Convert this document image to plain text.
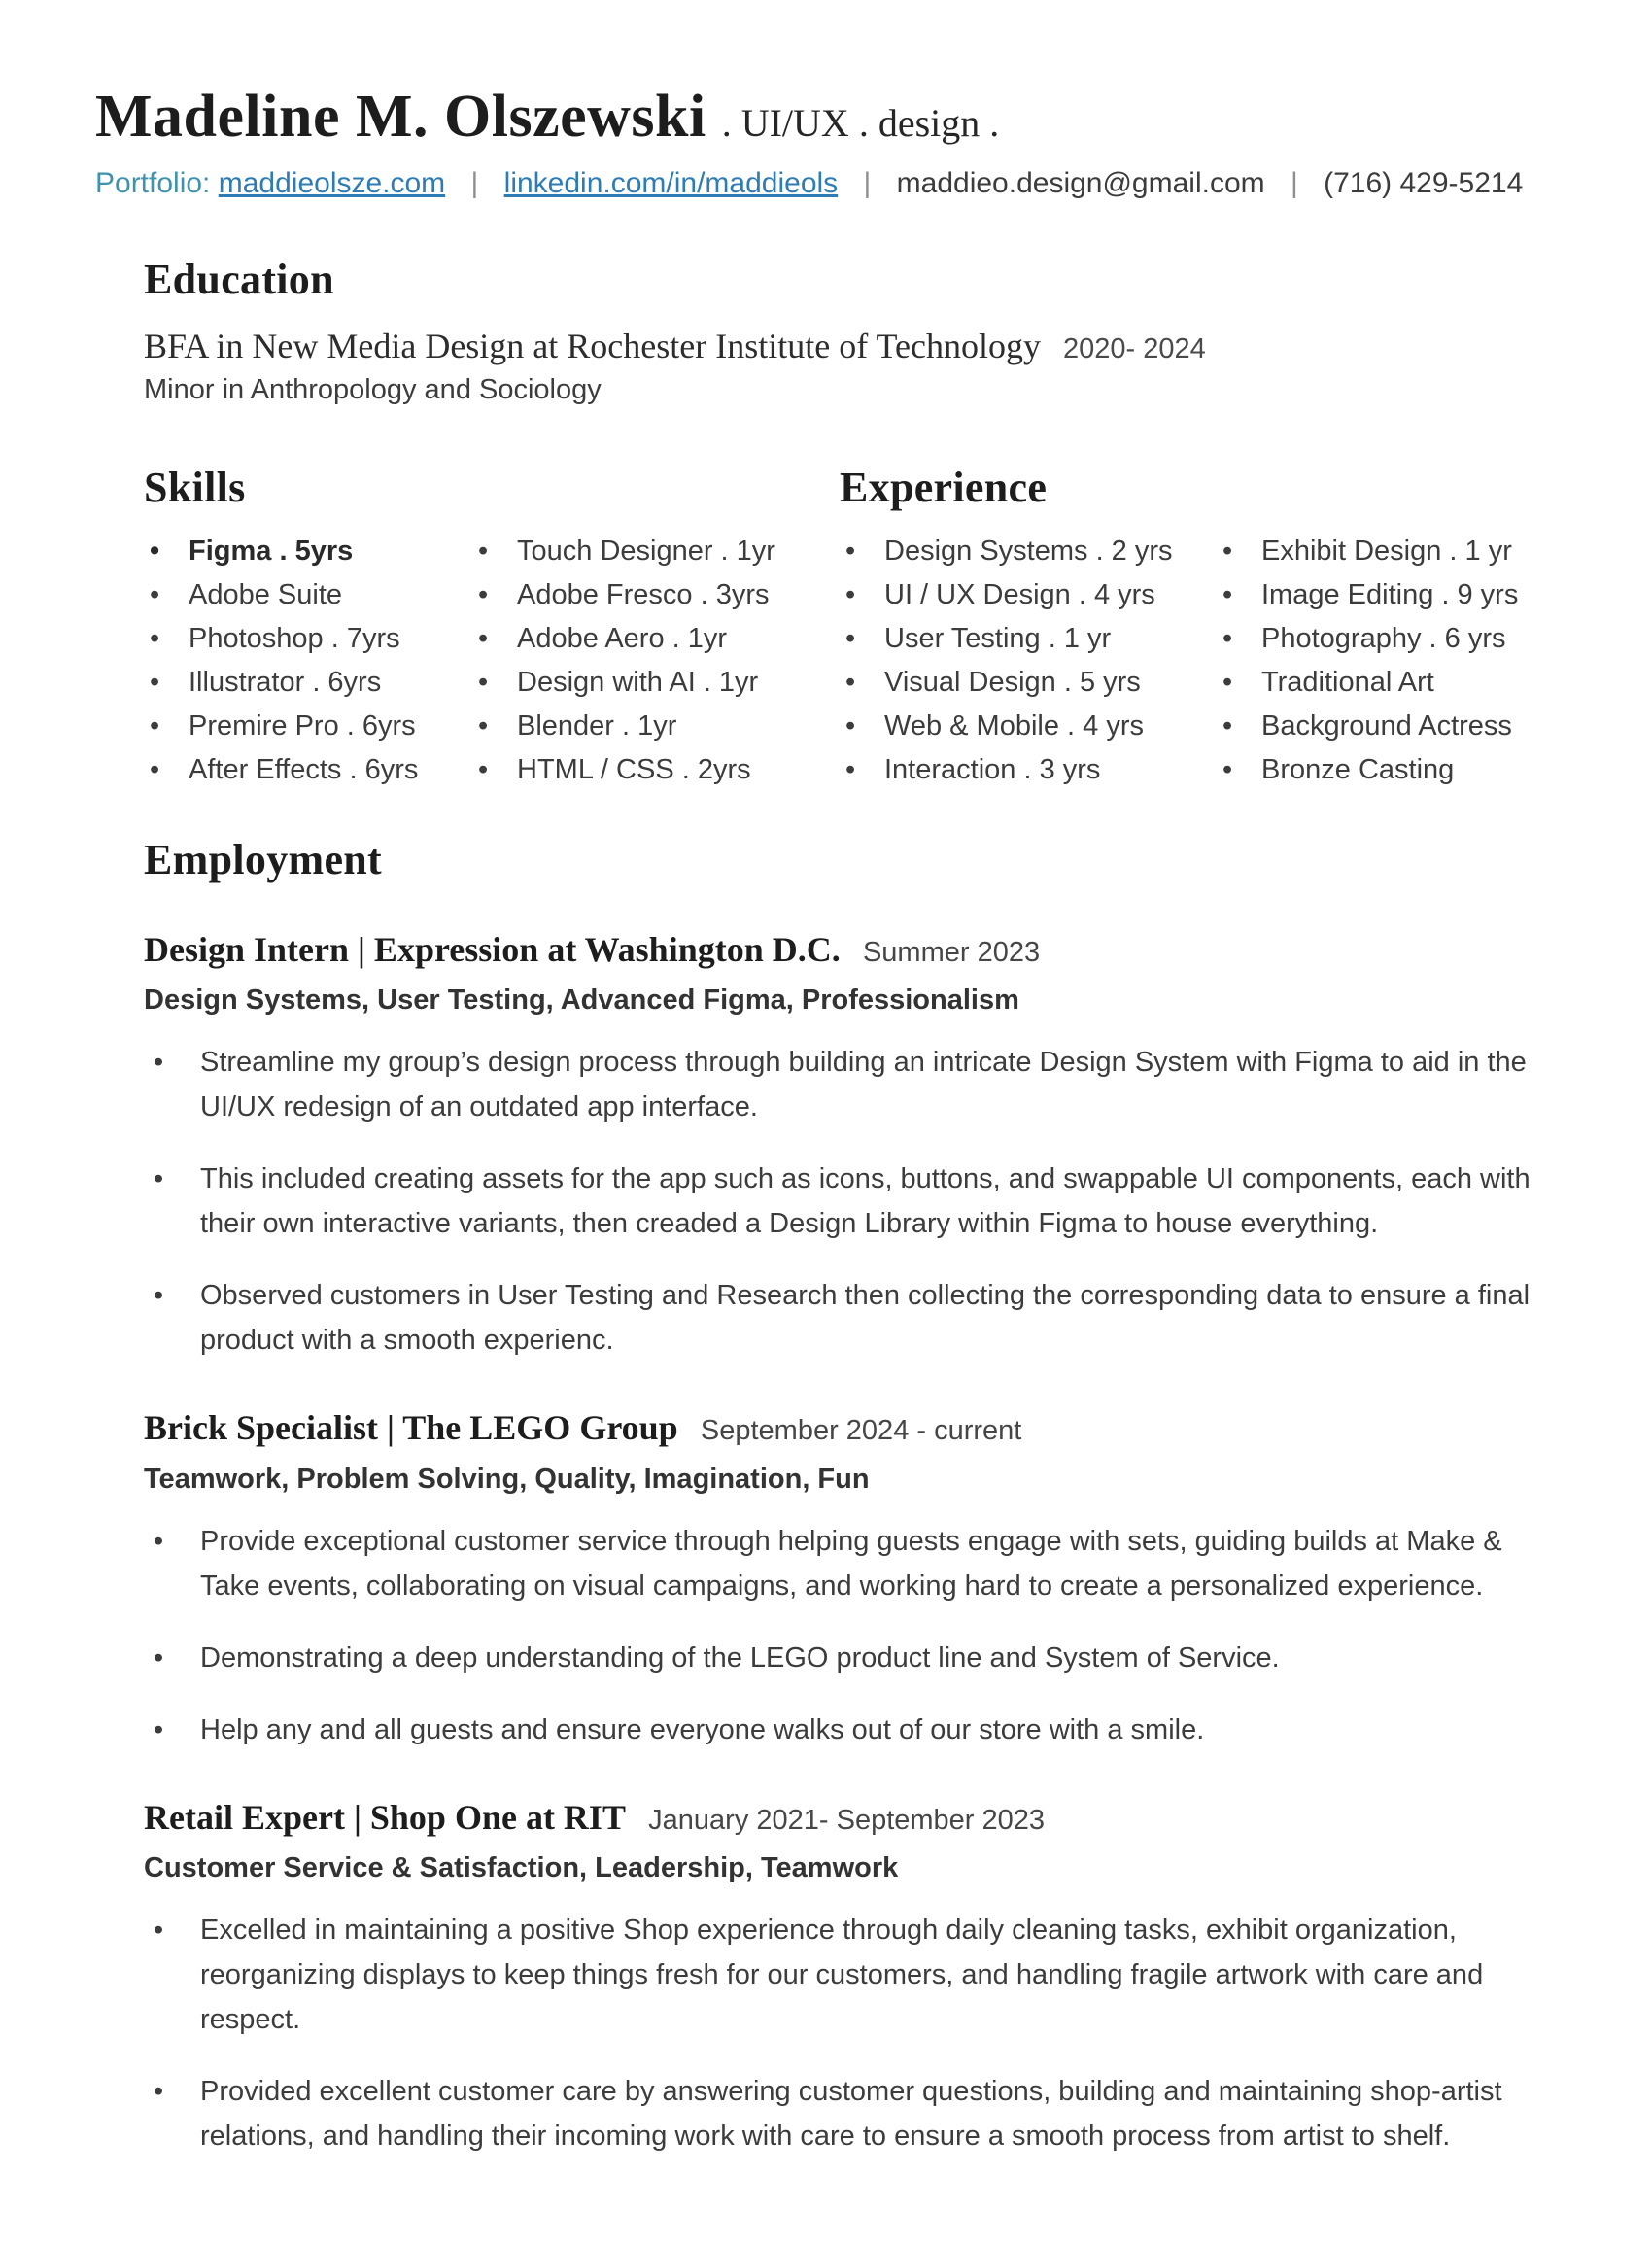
Madeline M. Olszewski . UI/UX . design .
Portfolio: maddieolsze.com | linkedin.com/in/maddieols | maddieo.design@gmail.com | (716) 429-5214
Education

BFA in New Media Design at Rochester Institute of Technology 2020- 2024

Minor in Anthropology and Sociology

Skills
• Figma . 5yrs
• Adobe Suite
• Photoshop . 7yrs
• Illustrator . 6yrs
• Premire Pro . 6yrs
• After Effects . 6yrs
• Touch Designer . 1yr
• Adobe Fresco . 3yrs
• Adobe Aero . 1yr
• Design with AI . 1yr
• Blender . 1yr
• HTML / CSS . 2yrs
Experience
• Design Systems . 2 yrs
• UI / UX Design . 4 yrs
• User Testing . 1 yr
• Visual Design . 5 yrs
• Web & Mobile . 4 yrs
• Interaction . 3 yrs
• Exhibit Design . 1 yr
• Image Editing . 9 yrs
• Photography . 6 yrs
• Traditional Art
• Background Actress
• Bronze Casting
Employment
Design Intern | Expression at Washington D.C. Summer 2023

Design Systems, User Testing, Advanced Figma, Professionalism

• Streamline my group’s design process through building an intricate Design System with Figma to aid in the UI/UX redesign of an outdated app interface.
• This included creating assets for the app such as icons, buttons, and swappable UI components, each with their own interactive variants, then creaded a Design Library within Figma to house everything.
• Observed customers in User Testing and Research then collecting the corresponding data to ensure a final product with a smooth experienc.
Brick Specialist | The LEGO Group September 2024 - current

Teamwork, Problem Solving, Quality, Imagination, Fun

• Provide exceptional customer service through helping guests engage with sets, guiding builds at Make & Take events, collaborating on visual campaigns, and working hard to create a personalized experience.
• Demonstrating a deep understanding of the LEGO product line and System of Service.
• Help any and all guests and ensure everyone walks out of our store with a smile.
Retail Expert | Shop One at RIT January 2021- September 2023

Customer Service & Satisfaction, Leadership, Teamwork

• Excelled in maintaining a positive Shop experience through daily cleaning tasks, exhibit organization, reorganizing displays to keep things fresh for our customers, and handling fragile artwork with care and respect.
• Provided excellent customer care by answering customer questions, building and maintaining shop-artist relations, and handling their incoming work with care to ensure a smooth process from artist to shelf.
